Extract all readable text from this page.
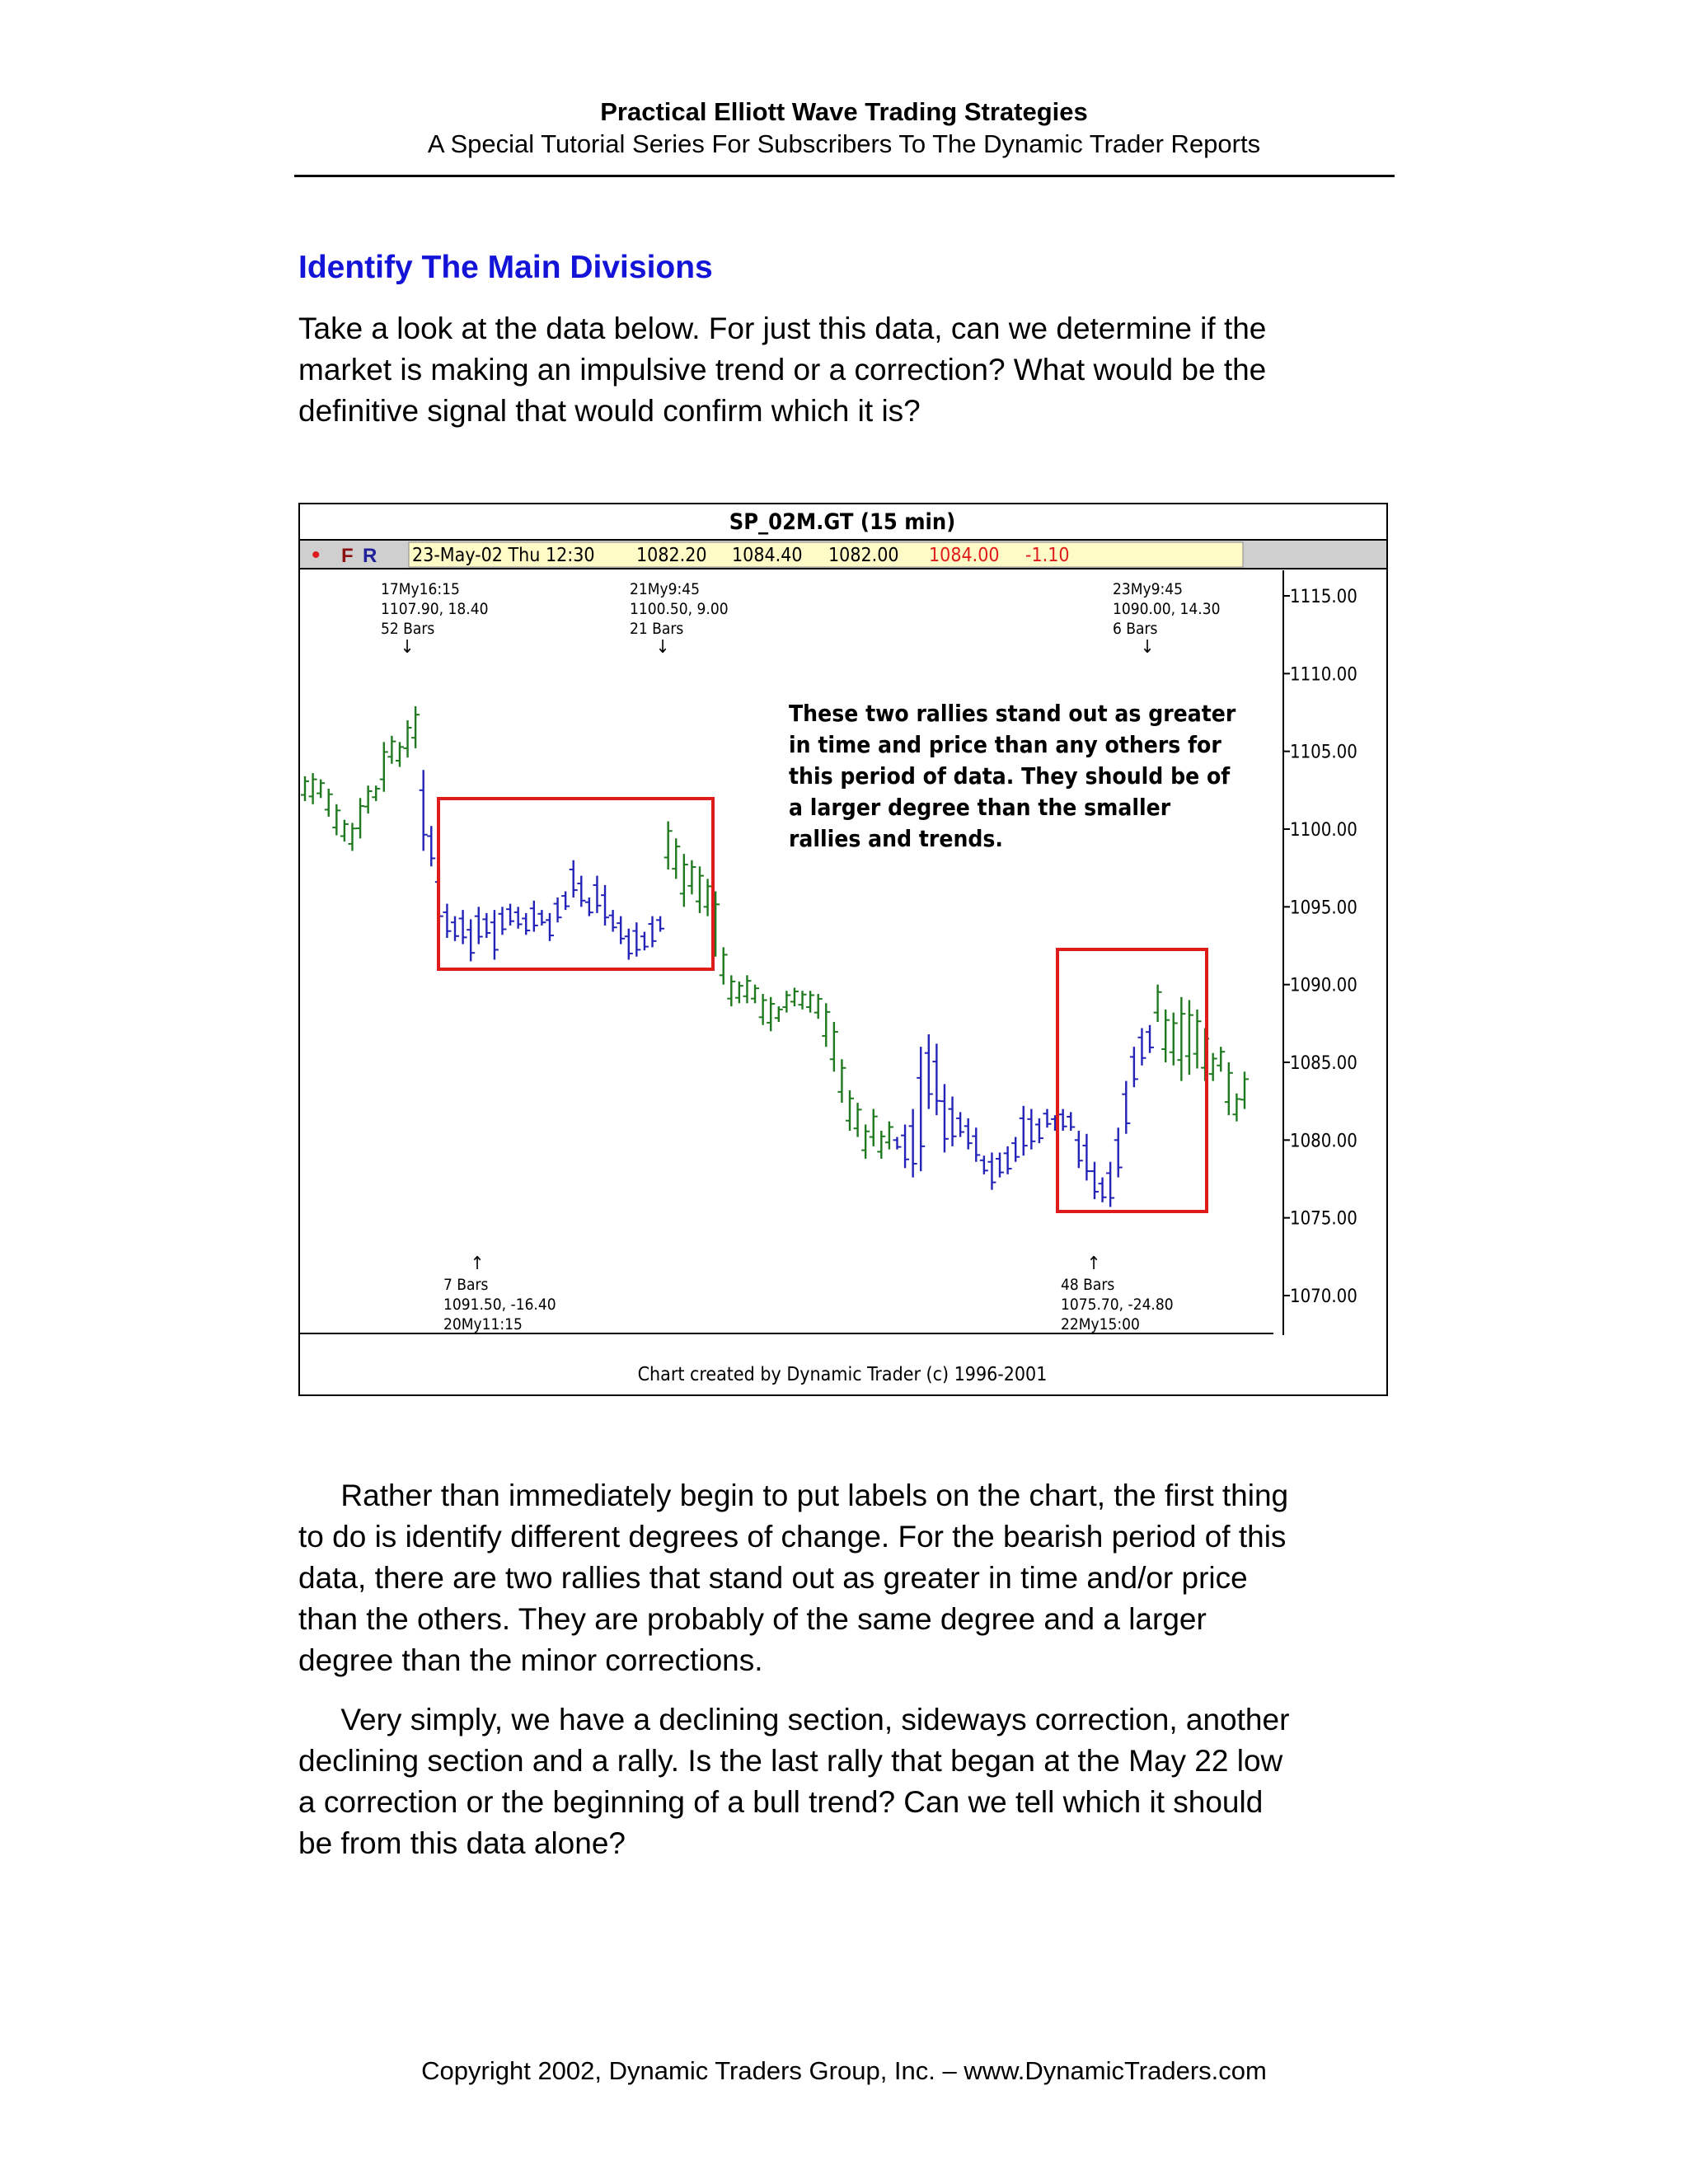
Practical Elliott Wave Trading Strategies
A Special Tutorial Series For Subscribers To The Dynamic Trader Reports
Identify The Main Divisions
Take a look at the data below. For just this data, can we determine if the
market is making an impulsive trend or a correction? What would be the
definitive signal that would confirm which it is?
SP_02M.GT (15 min)
• F R 23-May-02 Thu 12:30 1082.20 1084.40 1082.00 1084.00 -1.10
1115.00
1110.00
1105.00
1100.00
1095.00
1090.00
1085.00
1080.00
1075.00
1070.00
These two rallies stand out as greater
in time and price than any others for
this period of data. They should be of
a larger degree than the smaller
rallies and trends.
17My16:15
1107.90, 18.40
52 Bars
↓
21My9:45
1100.50, 9.00
21 Bars
↓
23My9:45
1090.00, 14.30
6 Bars
↓
↑
7 Bars
1091.50, -16.40
20My11:15
↑
48 Bars
1075.70, -24.80
22My15:00
Chart created by Dynamic Trader (c) 1996-2001
Rather than immediately begin to put labels on the chart, the first thing
to do is identify different degrees of change. For the bearish period of this
data, there are two rallies that stand out as greater in time and/or price
than the others. They are probably of the same degree and a larger
degree than the minor corrections.
Very simply, we have a declining section, sideways correction, another
declining section and a rally. Is the last rally that began at the May 22 low
a correction or the beginning of a bull trend? Can we tell which it should
be from this data alone?
Copyright 2002, Dynamic Traders Group, Inc. – www.DynamicTraders.com
